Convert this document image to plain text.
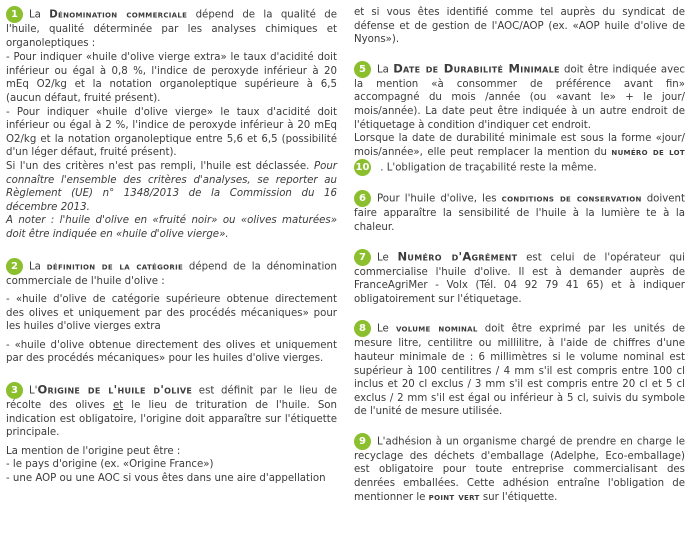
1 La Dénomination commerciale dépend de la qualité de l'huile, qualité déterminée par les analyses chimiques et organoleptiques :

- Pour indiquer «huile d'olive vierge extra» le taux d'acidité doit inférieur ou égal à 0,8 %, l'indice de peroxyde inférieur à 20 mEq O2/kg et la notation organoleptique supérieure à 6,5 (aucun défaut, fruité présent).

- Pour indiquer «huile d'olive vierge» le taux d'acidité doit inférieur ou égal à 2 %, l'indice de peroxyde inférieur à 20 mEq O2/kg et la notation organoleptique entre 5,6 et 6,5 (possibilité d'un léger défaut, fruité présent).

Si l'un des critères n'est pas rempli, l'huile est déclassée. Pour connaître l'ensemble des critères d'analyses, se reporter au Règlement (UE) n° 1348/2013 de la Commission du 16 décembre 2013.

A noter : l'huile d'olive en «fruité noir» ou «olives maturées» doit être indiquée en «huile d'olive vierge».

2 La définition de la catégorie dépend de la dénomination commerciale de l'huile d'olive :

- «huile d'olive de catégorie supérieure obtenue directement des olives et uniquement par des procédés mécaniques» pour les huiles d'olive vierges extra

- «huile d'olive obtenue directement des olives et uniquement par des procédés mécaniques» pour les huiles d'olive vierges.

3 L'Origine de l'huile d'olive est définit par le lieu de récolte des olives et le lieu de trituration de l'huile. Son indication est obligatoire, l'origine doit apparaître sur l'étiquette principale.

La mention de l'origine peut être :

- le pays d'origine (ex. «Origine France»)

- une AOP ou une AOC si vous êtes dans une aire d'appellation

et si vous êtes identifié comme tel auprès du syndicat de défense et de gestion de l'AOC/AOP (ex. «AOP huile d'olive de Nyons»).

5 La Date de Durabilité Minimale doit être indiquée avec la mention «à consommer de préférence avant fin» accompagné du mois /année (ou «avant le» + le jour/ mois/année). La date peut être indiquée à un autre endroit de l'étiquetage à condition d'indiquer cet endroit.

Lorsque la date de durabilité minimale est sous la forme «jour/ mois/année», elle peut remplacer la mention du numéro de lot 10 . L'obligation de traçabilité reste la même.

6 Pour l'huile d'olive, les conditions de conservation doivent faire apparaître la sensibilité de l'huile à la lumière te à la chaleur.

7 Le Numéro d'Agrément est celui de l'opérateur qui commercialise l'huile d'olive. Il est à demander auprès de FranceAgriMer - Volx (Tél. 04 92 79 41 65) et à indiquer obligatoirement sur l'étiquetage.

8 Le volume nominal doit être exprimé par les unités de mesure litre, centilitre ou millilitre, à l'aide de chiffres d'une hauteur minimale de : 6 millimètres si le volume nominal est supérieur à 100 centilitres / 4 mm s'il est compris entre 100 cl inclus et 20 cl exclus / 3 mm s'il est compris entre 20 cl et 5 cl exclus / 2 mm s'il est égal ou inférieur à 5 cl, suivis du symbole de l'unité de mesure utilisée.

9 L'adhésion à un organisme chargé de prendre en charge le recyclage des déchets d'emballage (Adelphe, Eco-emballage) est obligatoire pour toute entreprise commercialisant des denrées emballées. Cette adhésion entraîne l'obligation de mentionner le point vert sur l'étiquette.
